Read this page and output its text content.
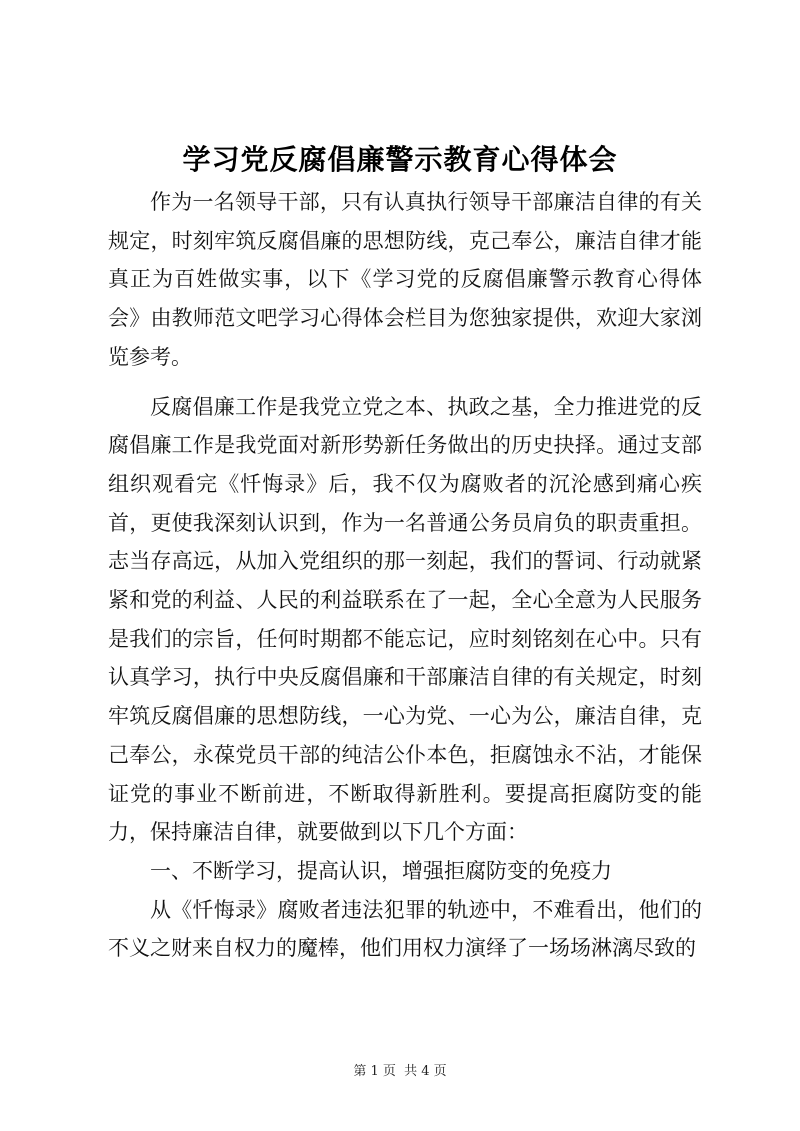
学习党反腐倡廉警示教育心得体会

作为一名领导干部，只有认真执行领导干部廉洁自律的有关规定，时刻牢筑反腐倡廉的思想防线，克己奉公，廉洁自律才能真正为百姓做实事，以下《学习党的反腐倡廉警示教育心得体会》由教师范文吧学习心得体会栏目为您独家提供，欢迎大家浏览参考。

反腐倡廉工作是我党立党之本、执政之基，全力推进党的反腐倡廉工作是我党面对新形势新任务做出的历史抉择。通过支部组织观看完《忏悔录》后，我不仅为腐败者的沉沦感到痛心疾首，更使我深刻认识到，作为一名普通公务员肩负的职责重担。志当存高远，从加入党组织的那一刻起，我们的誓词、行动就紧紧和党的利益、人民的利益联系在了一起，全心全意为人民服务是我们的宗旨，任何时期都不能忘记，应时刻铭刻在心中。只有认真学习，执行中央反腐倡廉和干部廉洁自律的有关规定，时刻牢筑反腐倡廉的思想防线，一心为党、一心为公，廉洁自律，克己奉公，永葆党员干部的纯洁公仆本色，拒腐蚀永不沾，才能保证党的事业不断前进，不断取得新胜利。要提高拒腐防变的能力，保持廉洁自律，就要做到以下几个方面：

一、不断学习，提高认识，增强拒腐防变的免疫力

从《忏悔录》腐败者违法犯罪的轨迹中，不难看出，他们的不义之财来自权力的魔棒，他们用权力演绎了一场场淋漓尽致的

第 1 页  共 4 页
